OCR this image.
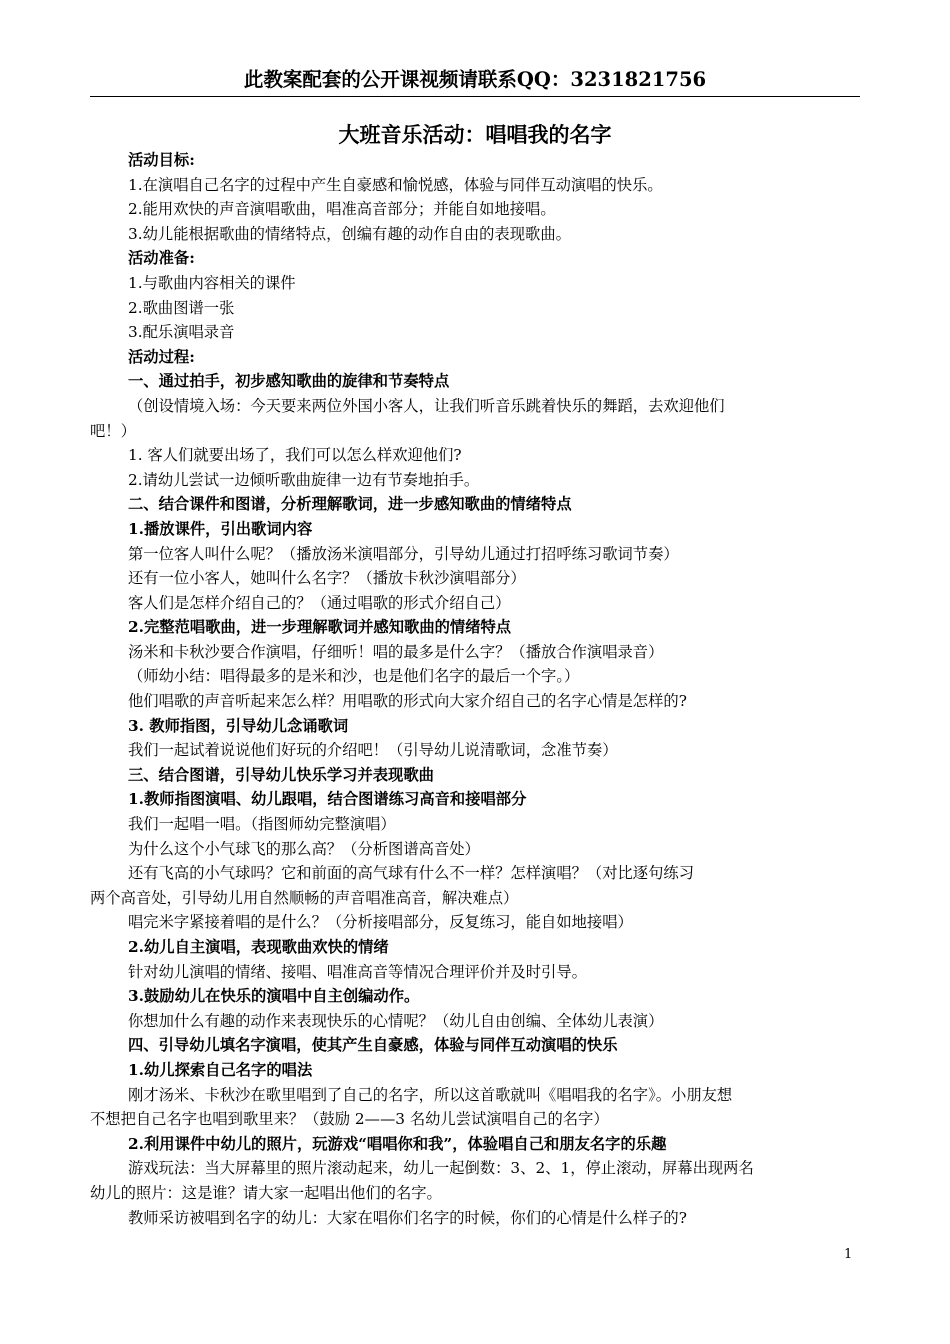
此教案配套的公开课视频请联系QQ：3231821756
大班音乐活动：唱唱我的名字
活动目标:
1.在演唱自己名字的过程中产生自豪感和愉悦感，体验与同伴互动演唱的快乐。
2.能用欢快的声音演唱歌曲，唱准高音部分；并能自如地接唱。
3.幼儿能根据歌曲的情绪特点，创编有趣的动作自由的表现歌曲。
活动准备:
1.与歌曲内容相关的课件
2.歌曲图谱一张
3.配乐演唱录音
活动过程:
一、通过拍手，初步感知歌曲的旋律和节奏特点
（创设情境入场：今天要来两位外国小客人，让我们听音乐跳着快乐的舞蹈，去欢迎他们
吧！）
1. 客人们就要出场了，我们可以怎么样欢迎他们?
2.请幼儿尝试一边倾听歌曲旋律一边有节奏地拍手。
二、结合课件和图谱，分析理解歌词，进一步感知歌曲的情绪特点
1.播放课件，引出歌词内容
第一位客人叫什么呢？（播放汤米演唱部分，引导幼儿通过打招呼练习歌词节奏）
还有一位小客人，她叫什么名字？（播放卡秋沙演唱部分）
客人们是怎样介绍自己的？（通过唱歌的形式介绍自己）
2.完整范唱歌曲，进一步理解歌词并感知歌曲的情绪特点
汤米和卡秋沙要合作演唱，仔细听！唱的最多是什么字？（播放合作演唱录音）
（师幼小结：唱得最多的是米和沙，也是他们名字的最后一个字。）
他们唱歌的声音听起来怎么样？用唱歌的形式向大家介绍自己的名字心情是怎样的?
3. 教师指图，引导幼儿念诵歌词
我们一起试着说说他们好玩的介绍吧！（引导幼儿说清歌词，念准节奏）
三、结合图谱，引导幼儿快乐学习并表现歌曲
1.教师指图演唱、幼儿跟唱，结合图谱练习高音和接唱部分
我们一起唱一唱。（指图师幼完整演唱）
为什么这个小气球飞的那么高？（分析图谱高音处）
还有飞高的小气球吗？它和前面的高气球有什么不一样？怎样演唱？（对比逐句练习
两个高音处，引导幼儿用自然顺畅的声音唱准高音，解决难点）
唱完米字紧接着唱的是什么？（分析接唱部分，反复练习，能自如地接唱）
2.幼儿自主演唱，表现歌曲欢快的情绪
针对幼儿演唱的情绪、接唱、唱准高音等情况合理评价并及时引导。
3.鼓励幼儿在快乐的演唱中自主创编动作。
你想加什么有趣的动作来表现快乐的心情呢？（幼儿自由创编、全体幼儿表演）
四、引导幼儿填名字演唱，使其产生自豪感，体验与同伴互动演唱的快乐
1.幼儿探索自己名字的唱法
刚才汤米、卡秋沙在歌里唱到了自己的名字，所以这首歌就叫《唱唱我的名字》。小朋友想
不想把自己名字也唱到歌里来？（鼓励 2——3 名幼儿尝试演唱自己的名字）
2.利用课件中幼儿的照片，玩游戏“唱唱你和我”，体验唱自己和朋友名字的乐趣
游戏玩法：当大屏幕里的照片滚动起来，幼儿一起倒数：3、2、1，停止滚动，屏幕出现两名
幼儿的照片：这是谁？请大家一起唱出他们的名字。
教师采访被唱到名字的幼儿：大家在唱你们名字的时候，你们的心情是什么样子的?
1
